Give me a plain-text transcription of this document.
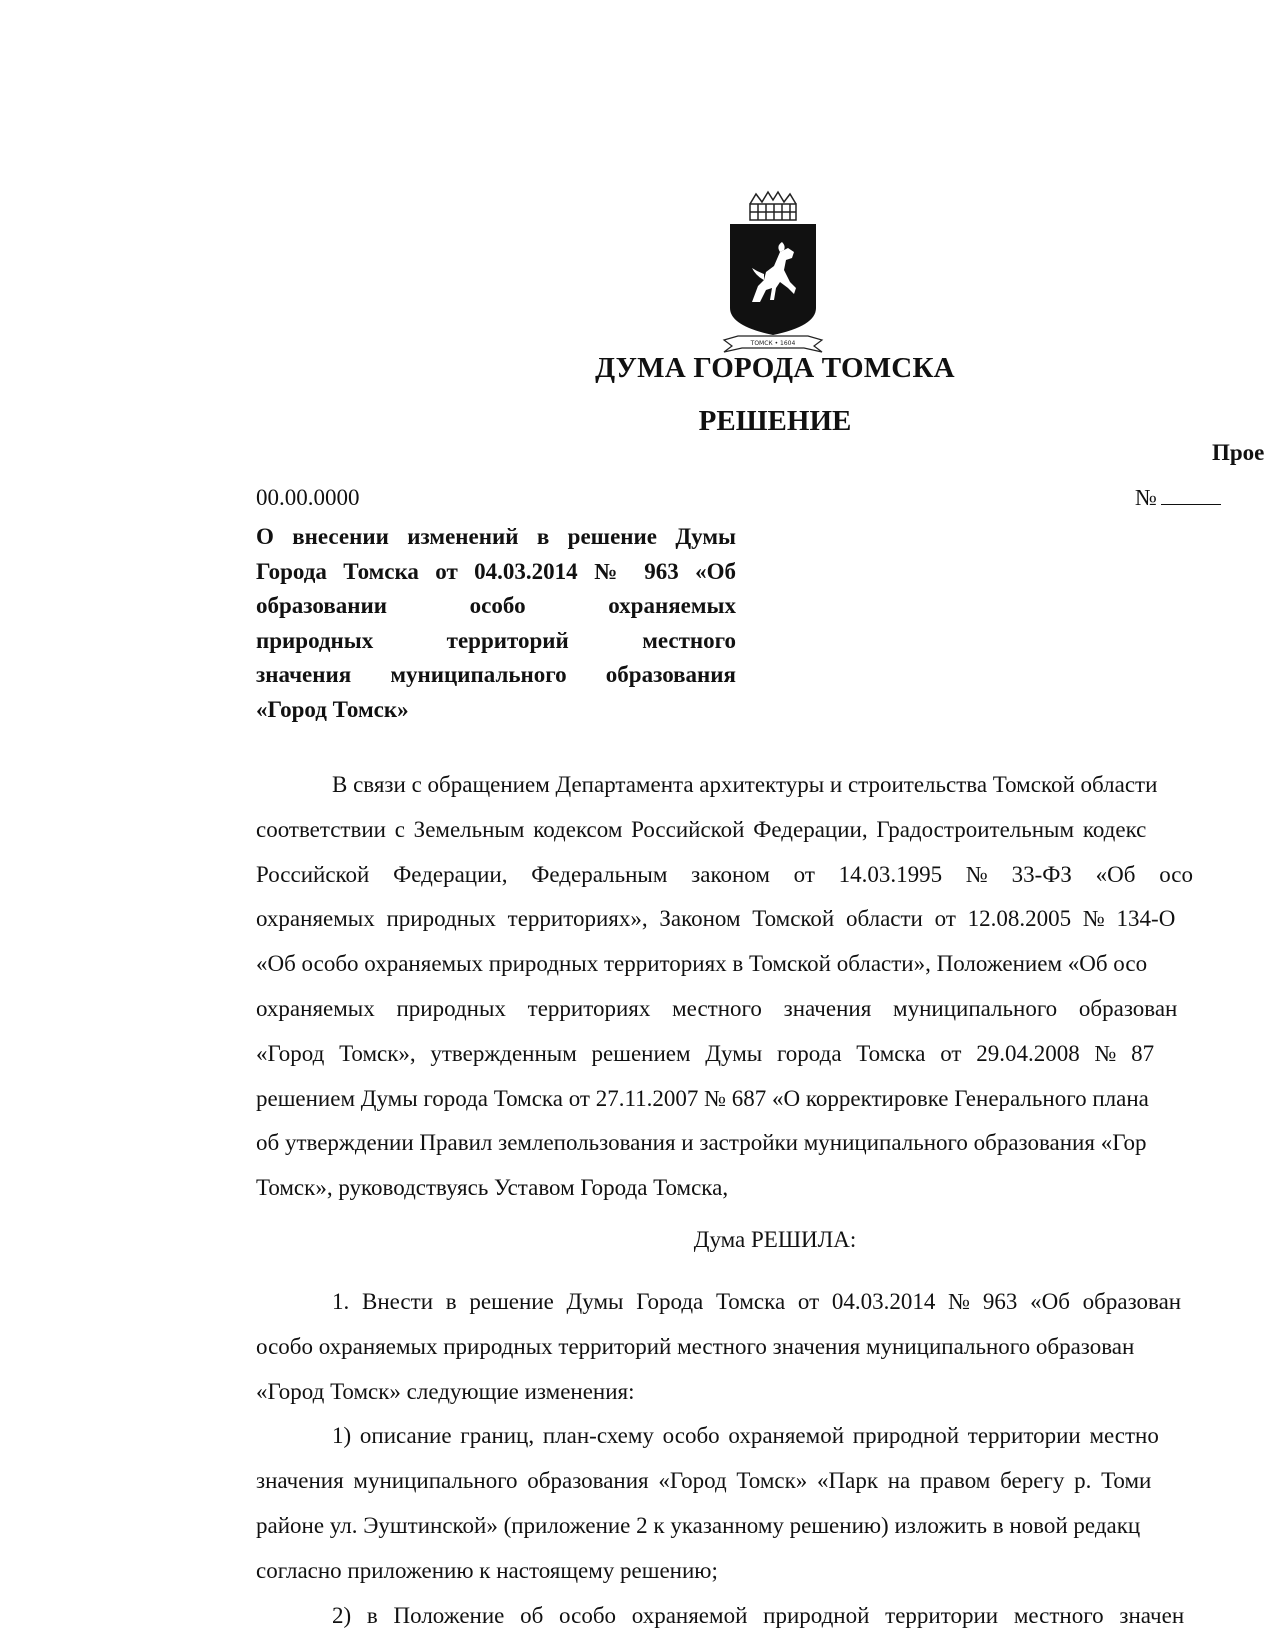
ТОМСК • 1604
ДУМА ГОРОДА ТОМСКА
РЕШЕНИЕ
Прое
00.00.0000	№
О внесении изменений в решение Думы
Города Томска от 04.03.2014 № 963 «Об
образовании особо охраняемых
природных территорий местного
значения муниципального образования
«Город Томск»
В связи с обращением Департамента архитектуры и строительства Томской области
соответствии с Земельным кодексом Российской Федерации, Градостроительным кодекс
Российской Федерации, Федеральным законом от 14.03.1995 № 33-ФЗ «Об осо
охраняемых природных территориях», Законом Томской области от 12.08.2005 № 134-О
«Об особо охраняемых природных территориях в Томской области», Положением «Об осо
охраняемых природных территориях местного значения муниципального образован
«Город Томск», утвержденным решением Думы города Томска от 29.04.2008 № 87
решением Думы города Томска от 27.11.2007 № 687 «О корректировке Генерального плана
об утверждении Правил землепользования и застройки муниципального образования «Гор
Томск», руководствуясь Уставом Города Томска,
Дума РЕШИЛА:
1. Внести в решение Думы Города Томска от 04.03.2014 № 963 «Об образован
особо охраняемых природных территорий местного значения муниципального образован
«Город Томск» следующие изменения:
1) описание границ, план-схему особо охраняемой природной территории местно
значения муниципального образования «Город Томск» «Парк на правом берегу р. Томи
районе ул. Эуштинской» (приложение 2 к указанному решению) изложить в новой редакц
согласно приложению к настоящему решению;
2) в Положение об особо охраняемой природной территории местного значен
